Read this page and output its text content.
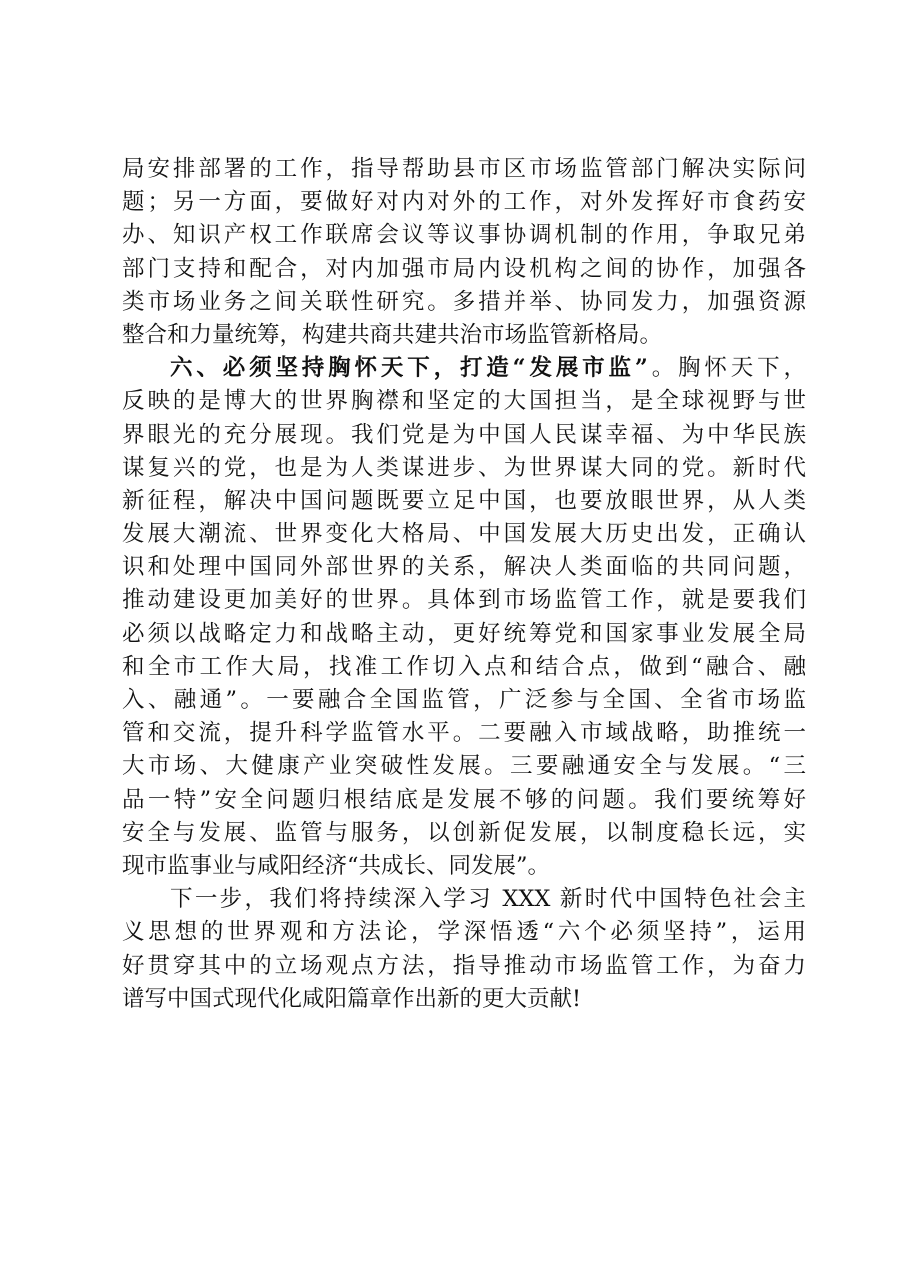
局安排部署的工作，指导帮助县市区市场监管部门解决实际问
题；另一方面，要做好对内对外的工作，对外发挥好市食药安
办、知识产权工作联席会议等议事协调机制的作用，争取兄弟
部门支持和配合，对内加强市局内设机构之间的协作，加强各
类市场业务之间关联性研究。多措并举、协同发力，加强资源
整合和力量统筹，构建共商共建共治市场监管新格局。
六、必须坚持胸怀天下，打造“发展市监”。胸怀天下，
反映的是博大的世界胸襟和坚定的大国担当，是全球视野与世
界眼光的充分展现。我们党是为中国人民谋幸福、为中华民族
谋复兴的党，也是为人类谋进步、为世界谋大同的党。新时代
新征程，解决中国问题既要立足中国，也要放眼世界，从人类
发展大潮流、世界变化大格局、中国发展大历史出发，正确认
识和处理中国同外部世界的关系，解决人类面临的共同问题，
推动建设更加美好的世界。具体到市场监管工作，就是要我们
必须以战略定力和战略主动，更好统筹党和国家事业发展全局
和全市工作大局，找准工作切入点和结合点，做到“融合、融
入、融通”。一要融合全国监管，广泛参与全国、全省市场监
管和交流，提升科学监管水平。二要融入市域战略，助推统一
大市场、大健康产业突破性发展。三要融通安全与发展。“三
品一特”安全问题归根结底是发展不够的问题。我们要统筹好
安全与发展、监管与服务，以创新促发展，以制度稳长远，实
现市监事业与咸阳经济“共成长、同发展”。
下一步，我们将持续深入学习 XXX 新时代中国特色社会主
义思想的世界观和方法论，学深悟透“六个必须坚持”，运用
好贯穿其中的立场观点方法，指导推动市场监管工作，为奋力
谱写中国式现代化咸阳篇章作出新的更大贡献!
